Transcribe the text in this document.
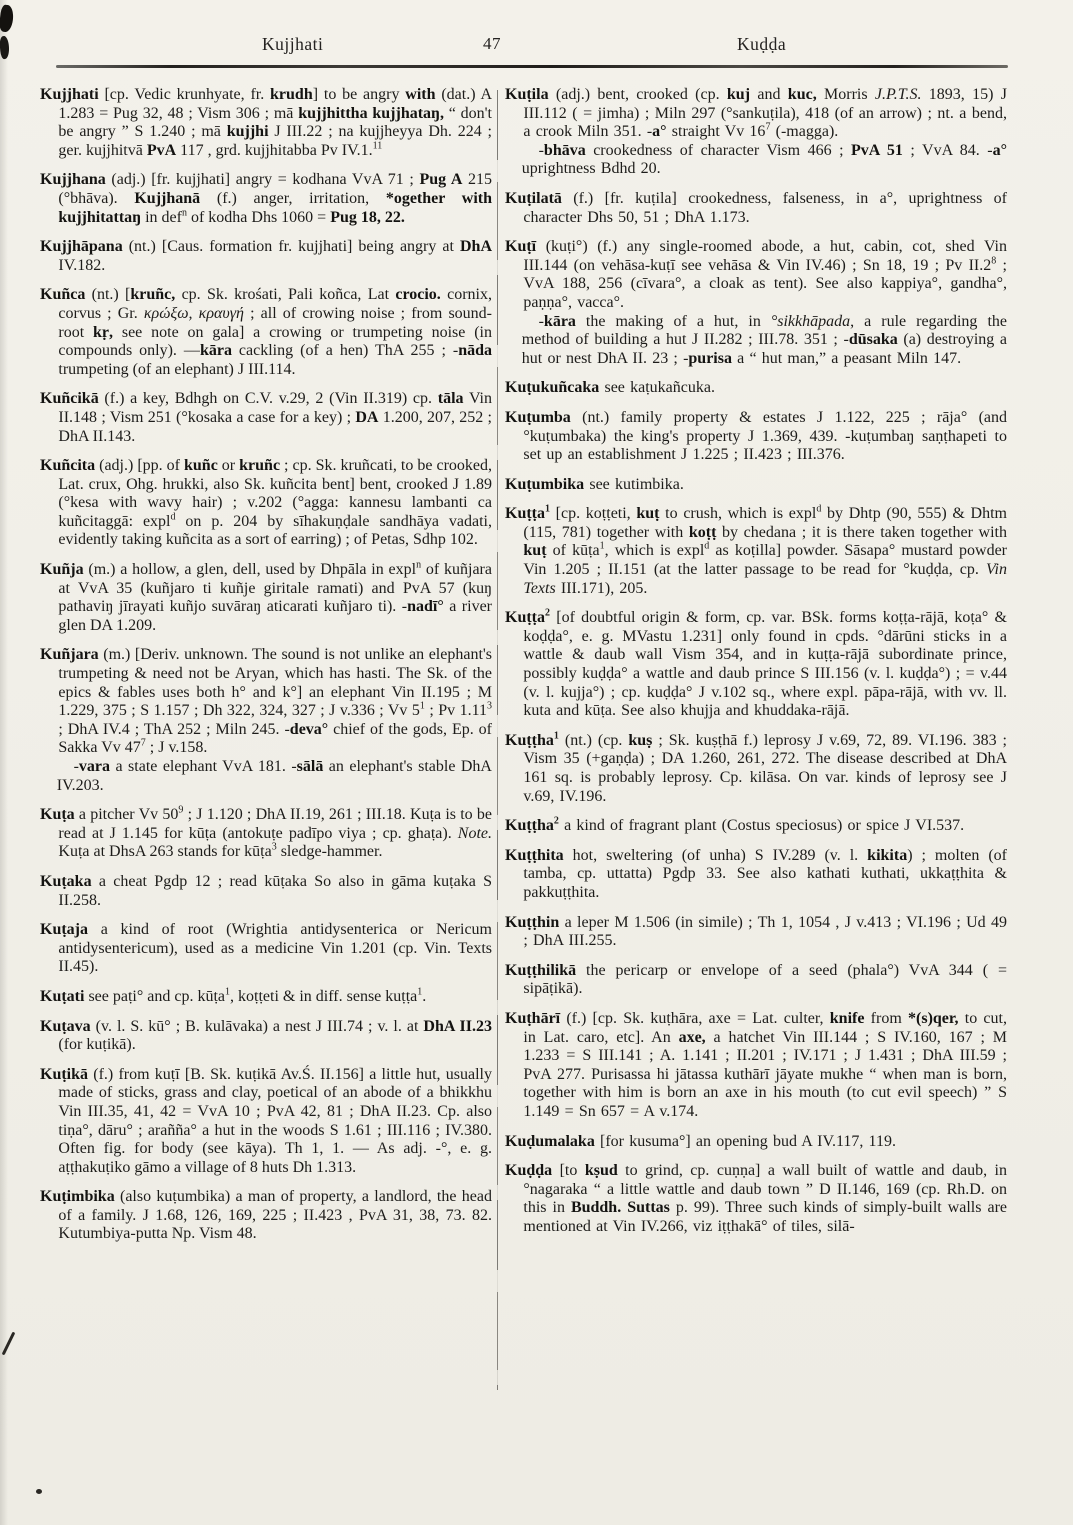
Kujjhati	47	Kuḍḍa

Kujjhati [cp. Vedic krunhyate, fr. krudh] to be angry with (dat.) A 1.283 = Pug 32, 48 ; Vism 306 ; mā kujjhittha kujjhataŋ, “ don't be angry ” S 1.240 ; mā kujjhi J III.22 ; na kujjheyya Dh. 224 ; ger. kujjhitvā PvA 117 , grd. kujjhitabba Pv IV.1.11

Kujjhana (adj.) [fr. kujjhati] angry = kodhana VvA 71 ; Pug A 215 (°bhāva). Kujjhanā (f.) anger, irritation, *ogether with kujjhitattaŋ in def$^n$ of kodha Dhs 1060 = Pug 18, 22.

Kujjhāpana (nt.) [Caus. formation fr. kujjhati] being angry at DhA IV.182.

Kuñca (nt.) [kruñc, cp. Sk. krośati, Pali koñca, Lat crocio. cornix, corvus ; Gr. κρώξω, κραυγή ; all of crowing noise ; from sound-root kṛ, see note on gala] a crowing or trumpeting noise (in compounds only). —kāra cackling (of a hen) ThA 255 ; -nāda trumpeting (of an elephant) J III.114.

Kuñcikā (f.) a key, Bdhgh on C.V. v.29, 2 (Vin II.319) cp. tāla Vin II.148 ; Vism 251 (°kosaka a case for a key) ; DA 1.200, 207, 252 ; DhA II.143.

Kuñcita (adj.) [pp. of kuñc or kruñc ; cp. Sk. kruñcati, to be crooked, Lat. crux, Ohg. hrukki, also Sk. kuñcita bent] bent, crooked J 1.89 (°kesa with wavy hair) ; v.202 (°agga: kannesu lambanti ca kuñcitaggā: expl$^d$ on p. 204 by sīhakuṇḍale sandhāya vadati, evidently taking kuñcita as a sort of earring) ; of Petas, Sdhp 102.

Kuñja (m.) a hollow, a glen, dell, used by Dhpāla in expl$^n$ of kuñjara at VvA 35 (kuñjaro ti kuñje giritale ramati) and PvA 57 (kuŋ pathaviŋ jīrayati kuñjo suvāraŋ aticarati kuñjaro ti). -nadī° a river glen DA 1.209.

Kuñjara (m.) [Deriv. unknown. The sound is not unlike an elephant's trumpeting & need not be Aryan, which has hasti. The Sk. of the epics & fables uses both h° and k°] an elephant Vin II.195 ; M 1.229, 375 ; S 1.157 ; Dh 322, 324, 327 ; J v.336 ; Vv $5^1$ ; Pv 1.11$^3$ ; DhA IV.4 ; ThA 252 ; Miln 245. -deva° chief of the gods, Ep. of Sakka Vv $47^7$ ; J v.158.

-vara a state elephant VvA 181. -sālā an elephant's stable DhA IV.203.

Kuṭa a pitcher Vv $50^9$ ; J 1.120 ; DhA II.19, 261 ; III.18. Kuṭa is to be read at J 1.145 for kūṭa (antokuṭe padīpo viya ; cp. ghaṭa). Note. Kuṭa at DhsA 263 stands for kūṭa$^3$ sledge-hammer.

Kuṭaka a cheat Pgdp 12 ; read kūṭaka So also in gāma kuṭaka S II.258.

Kuṭaja a kind of root (Wrightia antidysenterica or Nericum antidysentericum), used as a medicine Vin 1.201 (cp. Vin. Texts II.45).

Kuṭati see paṭi° and cp. kūṭa$^1$, koṭṭeti & in diff. sense kuṭṭa$^1$.

Kuṭava (v. l. S. kū° ; B. kulāvaka) a nest J III.74 ; v. l. at DhA II.23 (for kuṭikā).

Kuṭikā (f.) from kuṭī [B. Sk. kuṭikā Av.Ś. II.156] a little hut, usually made of sticks, grass and clay, poetical of an abode of a bhikkhu Vin III.35, 41, 42 = VvA 10 ; PvA 42, 81 ; DhA II.23. Cp. also tiṇa°, dāru° ; arañña° a hut in the woods S 1.61 ; III.116 ; IV.380. Often fig. for body (see kāya). Th 1, 1. — As adj. -°, e. g. aṭṭhakuṭiko gāmo a village of 8 huts Dh 1.313.

Kuṭimbika (also kuṭumbika) a man of property, a landlord, the head of a family. J 1.68, 126, 169, 225 ; II.423 , PvA 31, 38, 73. 82. Kutumbiya-putta Np. Vism 48.

Kuṭila (adj.) bent, crooked (cp. kuj and kuc, Morris J.P.T.S. 1893, 15) J III.112 ( = jimha) ; Miln 297 (°sankuṭila), 418 (of an arrow) ; nt. a bend, a crook Miln 351. -a° straight Vv $16^7$ (-magga).

-bhāva crookedness of character Vism 466 ; PvA 51 ; VvA 84. -a° uprightness Bdhd 20.

Kuṭilatā (f.) [fr. kuṭila] crookedness, falseness, in a°, uprightness of character Dhs 50, 51 ; DhA 1.173.

Kuṭī (kuṭi°) (f.) any single-roomed abode, a hut, cabin, cot, shed Vin III.144 (on vehāsa-kuṭī see vehāsa & Vin IV.46) ; Sn 18, 19 ; Pv $II.2^8$ ; VvA 188, 256 (cīvara°, a cloak as tent). See also kappiya°, gandha°, paṇṇa°, vacca°.

-kāra the making of a hut, in °sikkhāpada, a rule regarding the method of building a hut J II.282 ; III.78. 351 ; -dūsaka (a) destroying a hut or nest DhA II. 23 ; -purisa a “ hut man,” a peasant Miln 147.

Kuṭukuñcaka see kaṭukañcuka.

Kuṭumba (nt.) family property & estates J 1.122, 225 ; rāja° (and °kuṭumbaka) the king's property J 1.369, 439. -kuṭumbaŋ saṇṭhapeti to set up an establishment J 1.225 ; II.423 ; III.376.

Kuṭumbika see kutimbika.

Kuṭṭa$^1$ [cp. koṭṭeti, kuṭ to crush, which is expl$^d$ by Dhtp (90, 555) & Dhtm (115, 781) together with koṭṭ by chedana ; it is there taken together with kuṭ of kūṭa$^1$, which is expl$^d$ as koṭilla] powder. Sāsapa° mustard powder Vin 1.205 ; II.151 (at the latter passage to be read for °kuḍḍa, cp. Vin Texts III.171), 205.

Kuṭṭa$^2$ [of doubtful origin & form, cp. var. BSk. forms koṭṭa-rājā, koṭa° & koḍḍa°, e. g. MVastu 1.231] only found in cpds. °dārūni sticks in a wattle & daub wall Vism 354, and in kuṭṭa-rājā subordinate prince, possibly kuḍḍa° a wattle and daub prince S III.156 (v. l. kuḍḍa°) ; = v.44 (v. l. kujja°) ; cp. kuḍḍa° J v.102 sq., where expl. pāpa-rājā, with vv. ll. kuta and kūṭa. See also khujja and khuddaka-rājā.

Kuṭṭha$^1$ (nt.) (cp. kuṣ ; Sk. kuṣṭhā f.) leprosy J v.69, 72, 89. VI.196. 383 ; Vism 35 (+gaṇḍa) ; DA 1.260, 261, 272. The disease described at DhA 161 sq. is probably leprosy. Cp. kilāsa. On var. kinds of leprosy see J v.69, IV.196.

Kuṭṭha$^2$ a kind of fragrant plant (Costus speciosus) or spice J VI.537.

Kuṭṭhita hot, sweltering (of unha) S IV.289 (v. l. kikita) ; molten (of tamba, cp. uttatta) Pgdp 33. See also kathati kuthati, ukkaṭṭhita & pakkuṭṭhita.

Kuṭṭhin a leper M 1.506 (in simile) ; Th 1, 1054 , J v.413 ; VI.196 ; Ud 49 ; DhA III.255.

Kuṭṭhilikā the pericarp or envelope of a seed (phala°) VvA 344 ( = sipāṭikā).

Kuṭhārī (f.) [cp. Sk. kuṭhāra, axe = Lat. culter, knife from *(s)qer, to cut, in Lat. caro, etc]. An axe, a hatchet Vin III.144 ; S IV.160, 167 ; M 1.233 = S III.141 ; A. 1.141 ; II.201 ; IV.171 ; J 1.431 ; DhA III.59 ; PvA 277. Purisassa hi jātassa kuthārī jāyate mukhe “ when man is born, together with him is born an axe in his mouth (to cut evil speech) ” S 1.149 = Sn 657 = A v.174.

Kuḍumalaka [for kusuma°] an opening bud A IV.117, 119.

Kuḍḍa [to kṣud to grind, cp. cuṇṇa] a wall built of wattle and daub, in °nagaraka “ a little wattle and daub town ” D II.146, 169 (cp. Rh.D. on this in Buddh. Suttas p. 99). Three such kinds of simply-built walls are mentioned at Vin IV.266, viz iṭṭhakā° of tiles, silā-
